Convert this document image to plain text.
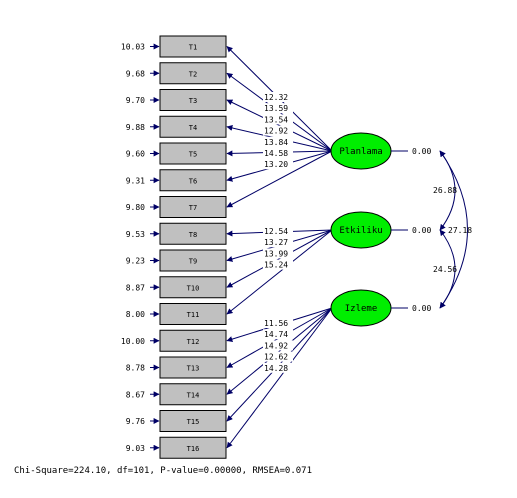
26.88
24.56
27.18
10.03
9.68
9.70
9.88
9.60
9.31
9.80
9.53
9.23
8.87
8.00
10.00
8.78
8.67
9.76
9.03
T1
T2
T3
T4
T5
T6
T7
T8
T9
T10
T11
T12
T13
T14
T15
T16
Planlama	0.00
Etkiliku	0.00
Izleme	0.00
12.32
13.59
13.54
12.92
13.84
14.58
13.20
12.54
13.27
13.99
15.24
11.56
14.74
14.92
12.62
14.28
Chi-Square=224.10, df=101, P-value=0.00000, RMSEA=0.071
